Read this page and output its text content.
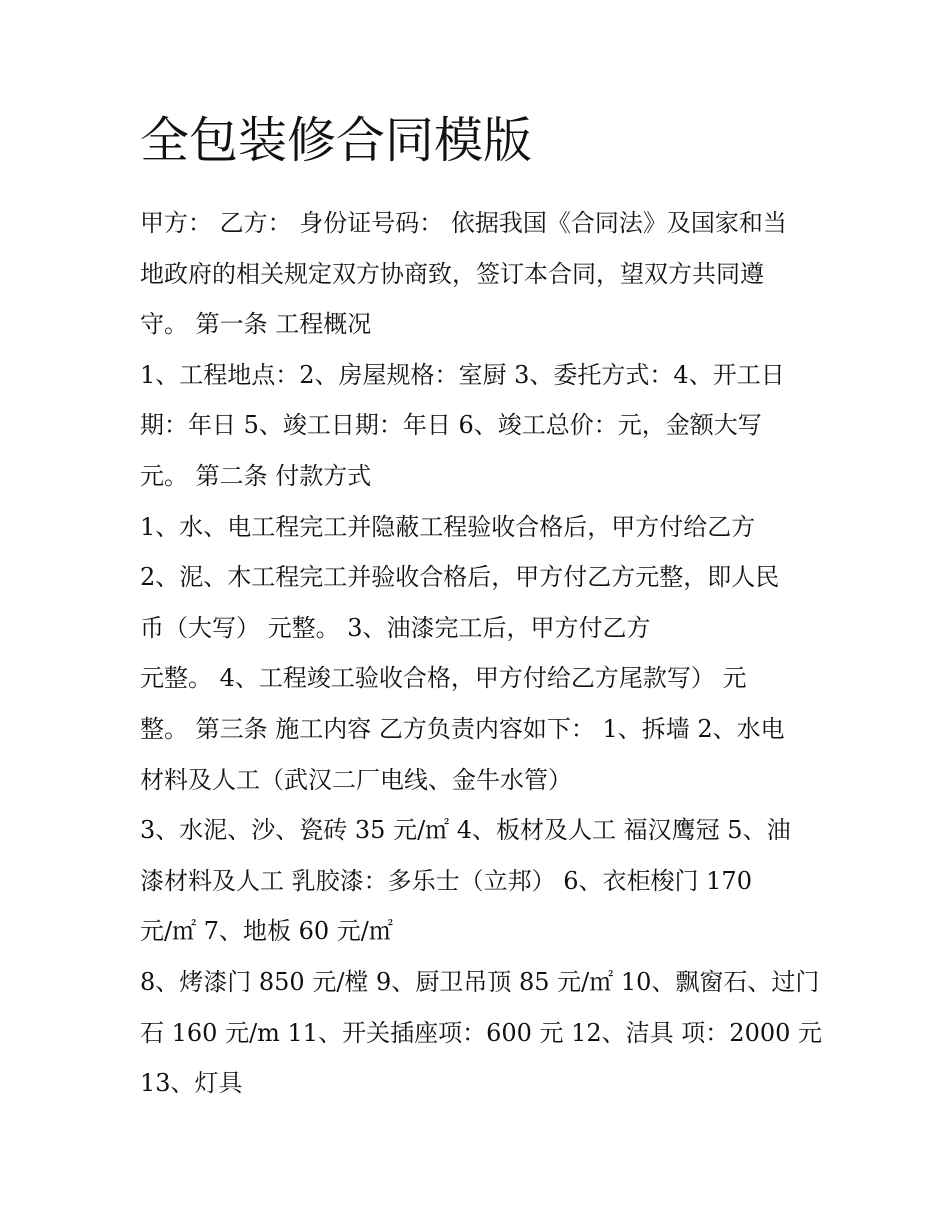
全包装修合同模版
甲方： 乙方： 身份证号码： 依据我国《合同法》及国家和当
地政府的相关规定双方协商致，签订本合同，望双方共同遵
守。 第一条 工程概况
1、工程地点：2、房屋规格：室厨 3、委托方式：4、开工日
期：年日 5、竣工日期：年日 6、竣工总价：元，金额大写
元。 第二条 付款方式
1、水、电工程完工并隐蔽工程验收合格后，甲方付给乙方
2、泥、木工程完工并验收合格后，甲方付乙方元整，即人民
币（大写） 元整。 3、油漆完工后，甲方付乙方
元整。 4、工程竣工验收合格，甲方付给乙方尾款写） 元
整。 第三条 施工内容 乙方负责内容如下： 1、拆墙 2、水电
材料及人工（武汉二厂电线、金牛水管）
3、水泥、沙、瓷砖 35 元/㎡ 4、板材及人工 福汉鹰冠 5、油
漆材料及人工 乳胶漆：多乐士（立邦） 6、衣柜梭门 170
元/㎡ 7、地板 60 元/㎡
8、烤漆门 850 元/樘 9、厨卫吊顶 85 元/㎡ 10、飘窗石、过门
石 160 元/m 11、开关插座项：600 元 12、洁具 项：2000 元
13、灯具
